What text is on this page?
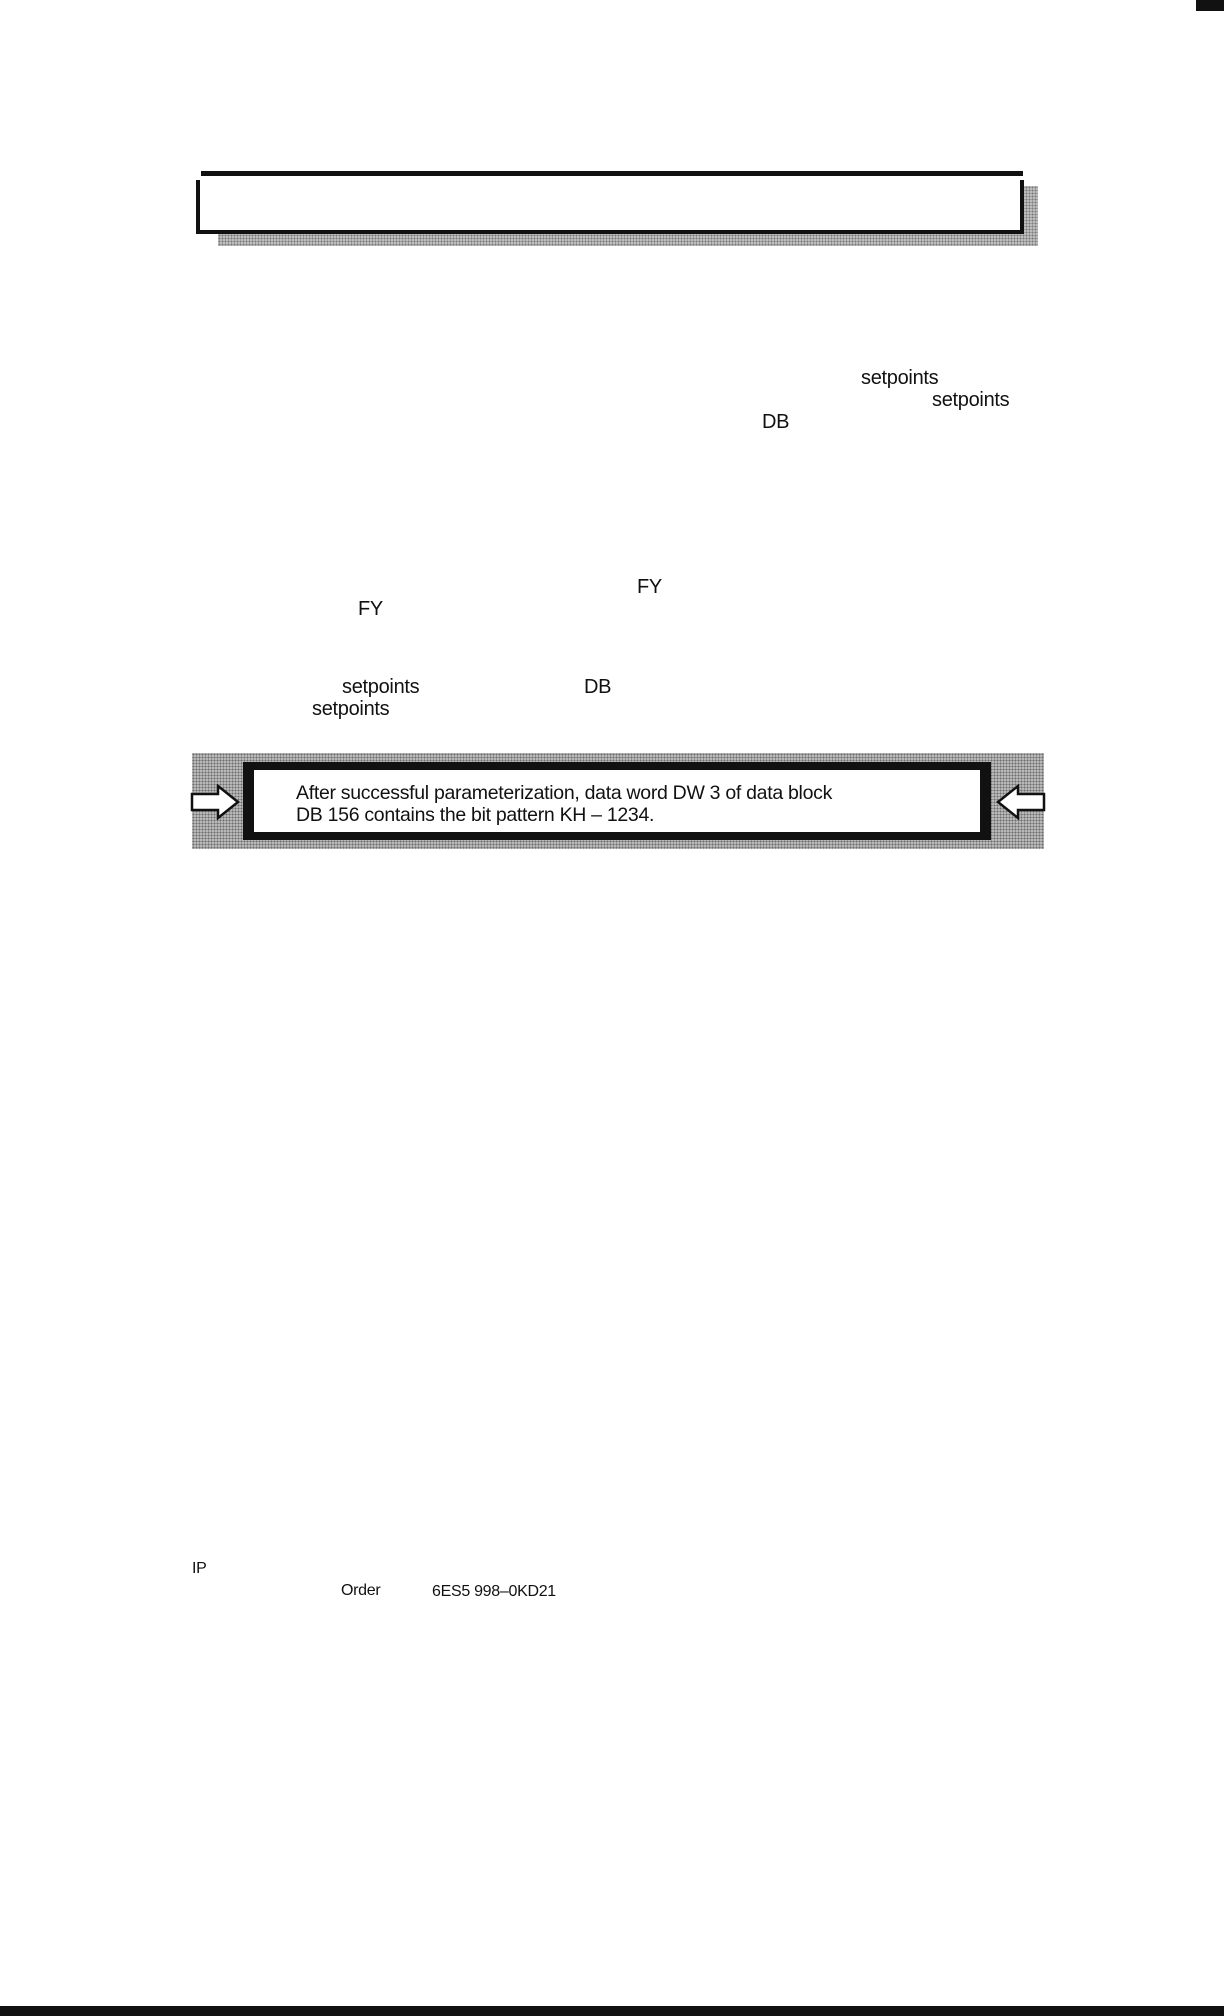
setpoints
setpoints
DB
FY
FY
setpoints	DB
setpoints
After successful parameterization, data word DW 3 of data block
DB 156 contains the bit pattern KH – 1234.
IP
Order	6ES5 998–0KD21
